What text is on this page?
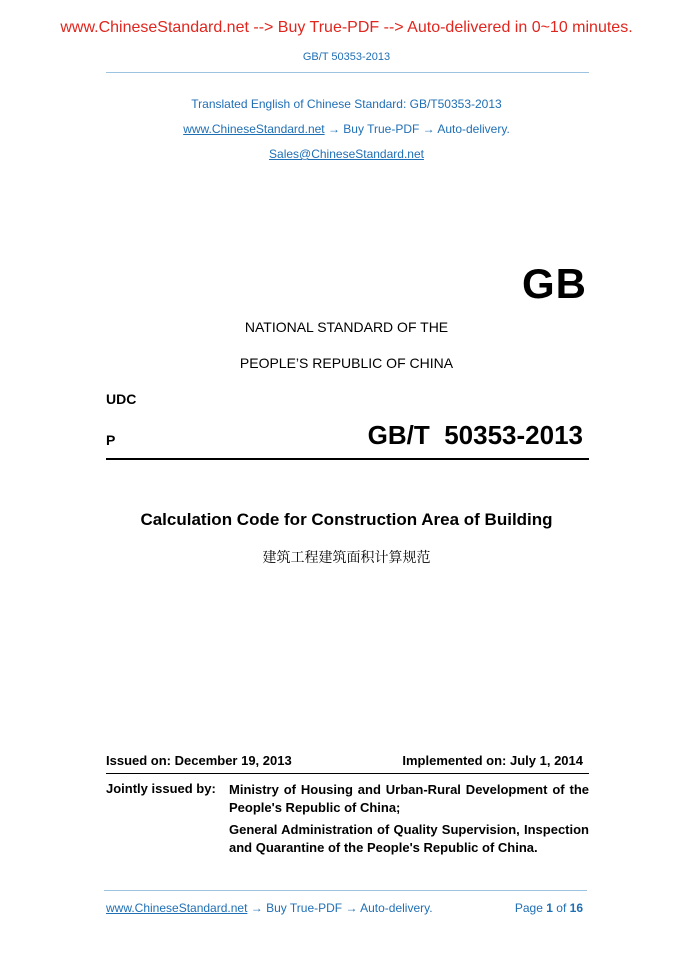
www.ChineseStandard.net --> Buy True-PDF --> Auto-delivered in 0~10 minutes.
GB/T 50353-2013
Translated English of Chinese Standard: GB/T50353-2013
www.ChineseStandard.net → Buy True-PDF → Auto-delivery.
Sales@ChineseStandard.net
GB
NATIONAL STANDARD OF THE
PEOPLE’S REPUBLIC OF CHINA
UDC
P	GB/T  50353-2013
Calculation Code for Construction Area of Building
建筑工程建筑面积计算规范
Issued on: December 19, 2013	Implemented on: July 1, 2014
Jointly issued by: Ministry of Housing and Urban-Rural Development of the People's Republic of China;
General Administration of Quality Supervision, Inspection and Quarantine of the People's Republic of China.
www.ChineseStandard.net → Buy True-PDF → Auto-delivery.	Page 1 of 16
